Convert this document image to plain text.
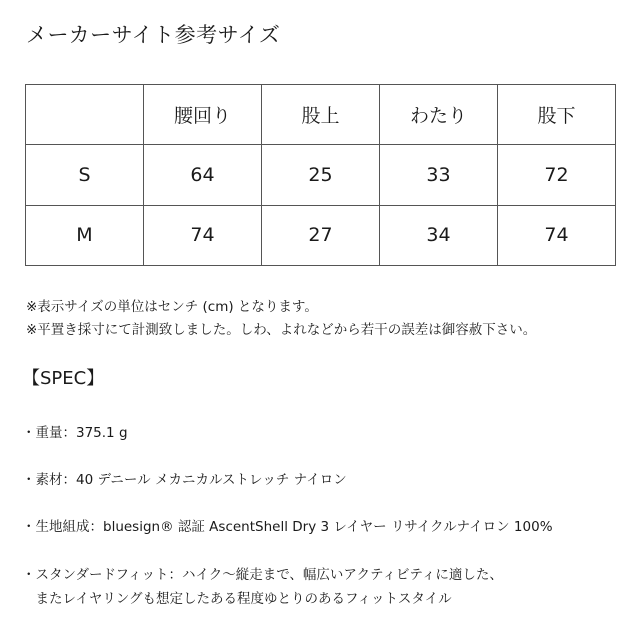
メーカーサイト参考サイズ
	腰回り	股上	わたり	股下
S	64	25	33	72
M	74	27	34	74
※表示サイズの単位はセンチ (cm) となります。
※平置き採寸にて計測致しました。しわ、よれなどから若干の誤差は御容赦下さい。
【SPEC】
・重量：375.1 g
・素材：40 デニール メカニカルストレッチ ナイロン
・生地組成：bluesign® 認証 AscentShell Dry 3 レイヤー リサイクルナイロン 100%
・スタンダードフィット：ハイク～縦走まで、幅広いアクティビティに適した、
　またレイヤリングも想定したある程度ゆとりのあるフィットスタイル
